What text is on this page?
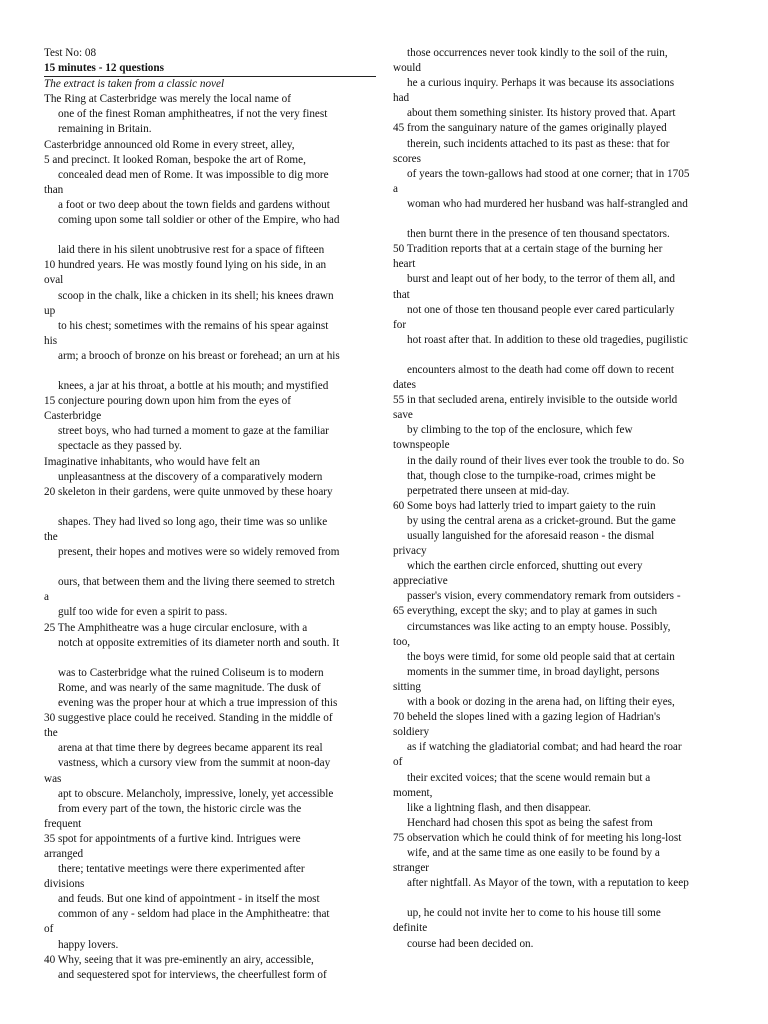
Test No: 08
15 minutes - 12 questions
The extract is taken from a classic novel
The Ring at Casterbridge was merely the local name of
one of the finest Roman amphitheatres, if not the very finest
remaining in Britain.
Casterbridge announced old Rome in every street, alley,
5 and precinct. It looked Roman, bespoke the art of Rome,
concealed dead men of Rome. It was impossible to dig more
than
a foot or two deep about the town fields and gardens without
coming upon some tall soldier or other of the Empire, who had
laid there in his silent unobtrusive rest for a space of fifteen
10 hundred years. He was mostly found lying on his side, in an
oval
scoop in the chalk, like a chicken in its shell; his knees drawn
up
to his chest; sometimes with the remains of his spear against
his
arm; a brooch of bronze on his breast or forehead; an urn at his
knees, a jar at his throat, a bottle at his mouth; and mystified
15 conjecture pouring down upon him from the eyes of
Casterbridge
street boys, who had turned a moment to gaze at the familiar
spectacle as they passed by.
Imaginative inhabitants, who would have felt an
unpleasantness at the discovery of a comparatively modern
20 skeleton in their gardens, were quite unmoved by these hoary
shapes. They had lived so long ago, their time was so unlike
the
present, their hopes and motives were so widely removed from
ours, that between them and the living there seemed to stretch
a
gulf too wide for even a spirit to pass.
25 The Amphitheatre was a huge circular enclosure, with a
notch at opposite extremities of its diameter north and south. It
was to Casterbridge what the ruined Coliseum is to modern
Rome, and was nearly of the same magnitude. The dusk of
evening was the proper hour at which a true impression of this
30 suggestive place could he received. Standing in the middle of
the
arena at that time there by degrees became apparent its real
vastness, which a cursory view from the summit at noon-day
was
apt to obscure. Melancholy, impressive, lonely, yet accessible
from every part of the town, the historic circle was the
frequent
35 spot for appointments of a furtive kind. Intrigues were
arranged
there; tentative meetings were there experimented after
divisions
and feuds. But one kind of appointment - in itself the most
common of any - seldom had place in the Amphitheatre: that
of
happy lovers.
40 Why, seeing that it was pre-eminently an airy, accessible,
and sequestered spot for interviews, the cheerfullest form of
those occurrences never took kindly to the soil of the ruin,
would
he a curious inquiry. Perhaps it was because its associations
had
about them something sinister. Its history proved that. Apart
45 from the sanguinary nature of the games originally played
therein, such incidents attached to its past as these: that for
scores
of years the town-gallows had stood at one corner; that in 1705
a
woman who had murdered her husband was half-strangled and
then burnt there in the presence of ten thousand spectators.
50 Tradition reports that at a certain stage of the burning her
heart
burst and leapt out of her body, to the terror of them all, and
that
not one of those ten thousand people ever cared particularly
for
hot roast after that. In addition to these old tragedies, pugilistic
encounters almost to the death had come off down to recent
dates
55 in that secluded arena, entirely invisible to the outside world
save
by climbing to the top of the enclosure, which few
townspeople
in the daily round of their lives ever took the trouble to do. So
that, though close to the turnpike-road, crimes might be
perpetrated there unseen at mid-day.
60 Some boys had latterly tried to impart gaiety to the ruin
by using the central arena as a cricket-ground. But the game
usually languished for the aforesaid reason - the dismal
privacy
which the earthen circle enforced, shutting out every
appreciative
passer's vision, every commendatory remark from outsiders -
65 everything, except the sky; and to play at games in such
circumstances was like acting to an empty house. Possibly,
too,
the boys were timid, for some old people said that at certain
moments in the summer time, in broad daylight, persons
sitting
with a book or dozing in the arena had, on lifting their eyes,
70 beheld the slopes lined with a gazing legion of Hadrian's
soldiery
as if watching the gladiatorial combat; and had heard the roar
of
their excited voices; that the scene would remain but a
moment,
like a lightning flash, and then disappear.
Henchard had chosen this spot as being the safest from
75 observation which he could think of for meeting his long-lost
wife, and at the same time as one easily to be found by a
stranger
after nightfall. As Mayor of the town, with a reputation to keep
up, he could not invite her to come to his house till some
definite
course had been decided on.
